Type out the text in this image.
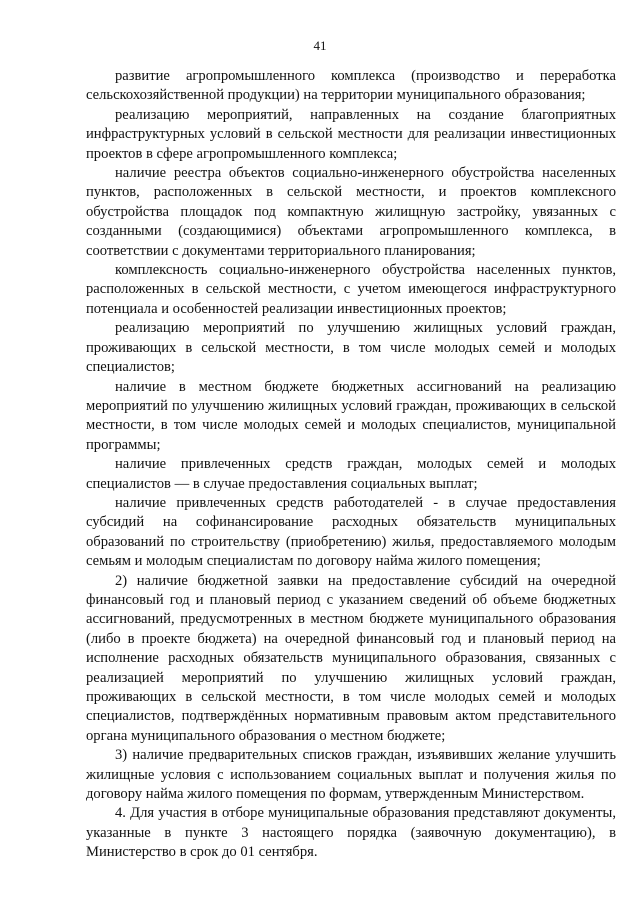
41

развитие агропромышленного комплекса (производство и переработка сельскохозяйственной продукции) на территории муниципального образования;

реализацию мероприятий, направленных на создание благоприятных инфраструктурных условий в сельской местности для реализации инвестиционных проектов в сфере агропромышленного комплекса;

наличие реестра объектов социально-инженерного обустройства населенных пунктов, расположенных в сельской местности, и проектов комплексного обустройства площадок под компактную жилищную застройку, увязанных с созданными (создающимися) объектами агропромышленного комплекса, в соответствии с документами территориального планирования;

комплексность социально-инженерного обустройства населенных пунктов, расположенных в сельской местности, с учетом имеющегося инфраструктурного потенциала и особенностей реализации инвестиционных проектов;

реализацию мероприятий по улучшению жилищных условий граждан, проживающих в сельской местности, в том числе молодых семей и молодых специалистов;

наличие в местном бюджете бюджетных ассигнований на реализацию мероприятий по улучшению жилищных условий граждан, проживающих в сельской местности, в том числе молодых семей и молодых специалистов, муниципальной программы;

наличие привлеченных средств граждан, молодых семей и молодых специалистов — в случае предоставления социальных выплат;

наличие привлеченных средств работодателей - в случае предоставления субсидий на софинансирование расходных обязательств муниципальных образований по строительству (приобретению) жилья, предоставляемого молодым семьям и молодым специалистам по договору найма жилого помещения;

2) наличие бюджетной заявки на предоставление субсидий на очередной финансовый год и плановый период с указанием сведений об объеме бюджетных ассигнований, предусмотренных в местном бюджете муниципального образования (либо в проекте бюджета) на очередной финансовый год и плановый период на исполнение расходных обязательств муниципального образования, связанных с реализацией мероприятий по улучшению жилищных условий граждан, проживающих в сельской местности, в том числе молодых семей и молодых специалистов, подтверждённых нормативным правовым актом представительного органа муниципального образования о местном бюджете;

3) наличие предварительных списков граждан, изъявивших желание улучшить жилищные условия с использованием социальных выплат и получения жилья по договору найма жилого помещения по формам, утвержденным Министерством.

4. Для участия в отборе муниципальные образования представляют документы, указанные в пункте 3 настоящего порядка (заявочную документацию), в Министерство в срок до 01 сентября.
